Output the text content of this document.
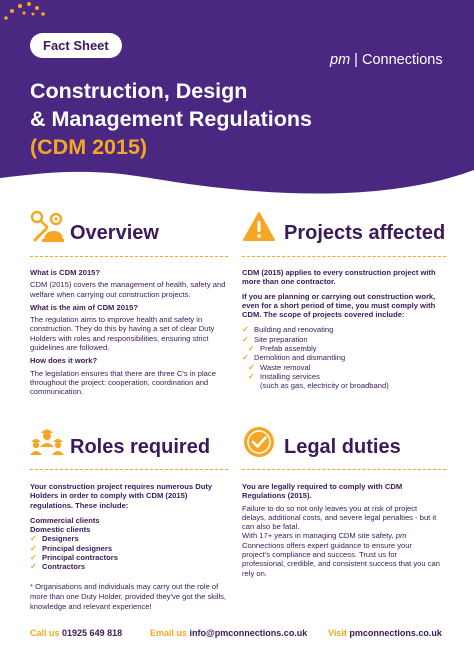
Fact Sheet
pm | Connections
Construction, Design
& Management Regulations
(CDM 2015)
Overview

What is CDM 2015?

CDM (2015) covers the management of health, safety and welfare when carrying out construction projects.

What is the aim of CDM 2015?

The regulation aims to improve health and safety in construction. They do this by having a set of clear Duty Holders with roles and responsibilities, ensuring strict guidelines are followed.

How does it work?

The legislation ensures that there are three C's in place throughout the project: cooperation, coordination and communication.

Projects affected

CDM (2015) applies to every construction project with more than one contractor.

If you are planning or carrying out construction work, even for a short period of time, you must comply with CDM. The scope of projects covered include:

✓ Building and renovating
✓ Site preparation
✓ Prefab assembly
✓ Demolition and dismantling
✓ Waste removal
✓ Installing services
(such as gas, electricity or broadband)
Roles required

Your construction project requires numerous Duty Holders in order to comply with CDM (2015) regulations. These include:

Commercial clients
Domestic clients
✓ Designers
✓ Principal designers
✓ Principal contractors
✓ Contractors

* Organisations and individuals may carry out the role of more than one Duty Holder, provided they've got the skills, knowledge and relevant experience!

Legal duties

You are legally required to comply with CDM Regulations (2015).

Failure to do so not only leaves you at risk of project delays, additional costs, and severe legal penalties - but it can also be fatal.

With 17+ years in managing CDM site safety, pm Connections offers expert guidance to ensure your project's compliance and success. Trust us for professional, credible, and consistent success that you can rely on.

Call us 01925 649 818	Email us info@pmconnections.co.uk Visit pmconnections.co.uk
